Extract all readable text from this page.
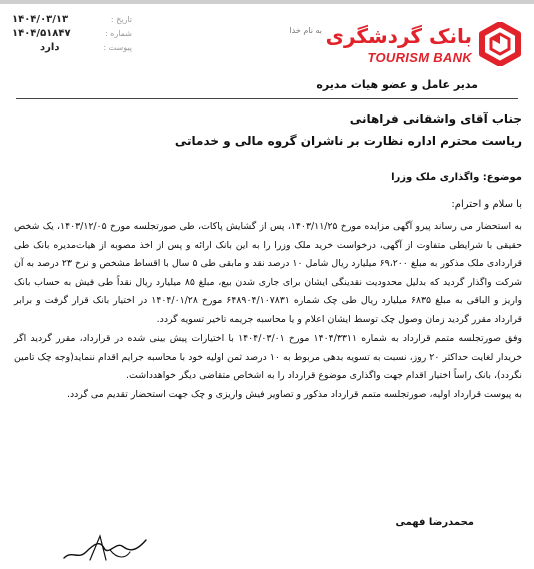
بانک گردشگری
TOURISM BANK
به نام خدا
تاریخ :
۱۴۰۴/۰۳/۱۳
شماره :
۱۴۰۴/۵۱۸۴۷
پیوست :
دارد
مدیر عامل و عضو هیات مدیره
جناب آقای واشقانی فراهانی
ریاست محترم اداره نظارت بر ناشران گروه مالی و خدماتی
موضوع: واگذاری ملک وزرا
با سلام و احترام:

به استحضار می رساند پیرو آگهی مزایده مورخ ۱۴۰۳/۱۱/۲۵، پس از گشایش پاکات، طی صورتجلسه مورخ ۱۴۰۳/۱۲/۰۵، یک شخص حقیقی با شرایطی متفاوت از آگهی، درخواست خرید ملک وزرا را به این بانک ارائه و پس از اخذ مصوبه از هیات‌مدیره بانک طی قراردادی ملک مذکور به مبلغ ۶۹،۲۰۰ میلیارد ریال شامل ۱۰ درصد نقد و مابقی طی ۵ سال با اقساط مشخص و نرخ ۲۳ درصد به آن شرکت واگذار گردید که بدلیل محدودیت نقدینگی ایشان برای جاری شدن بیع، مبلغ ۸۵ میلیارد ریال نقداً طی فیش به حساب بانک واریز و الباقی به مبلغ ۶۸۳۵ میلیارد ریال طی چک شماره ۶۴۸۹۰۴/۱۰۷۸۳۱ مورخ ۱۴۰۴/۰۱/۲۸ در اختیار بانک قرار گرفت و برابر قرارداد مقرر گردید زمان وصول چک توسط ایشان اعلام و یا محاسبه جریمه تاخیر تسویه گردد.

وفق صورتجلسه متمم قرارداد به شماره ۱۴۰۴/۳۳۱۱ مورخ ۱۴۰۴/۰۳/۰۱ با اختیارات پیش بینی شده در قرارداد، مقرر گردید اگر خریدار لغایت حداکثر ۲۰ روز، نسبت به تسویه بدهی مربوط به ۱۰ درصد ثمن اولیه خود با محاسبه جرایم اقدام ننماید(وجه چک تامین نگردد)، بانک راساً اختیار اقدام جهت واگذاری موضوع قرارداد را به اشخاص متقاضی دیگر خواهدداشت.

به پیوست قرارداد اولیه، صورتجلسه متمم قرارداد مذکور و تصاویر فیش واریزی و چک جهت استحضار تقدیم می گردد.

محمدرضا فهمی
